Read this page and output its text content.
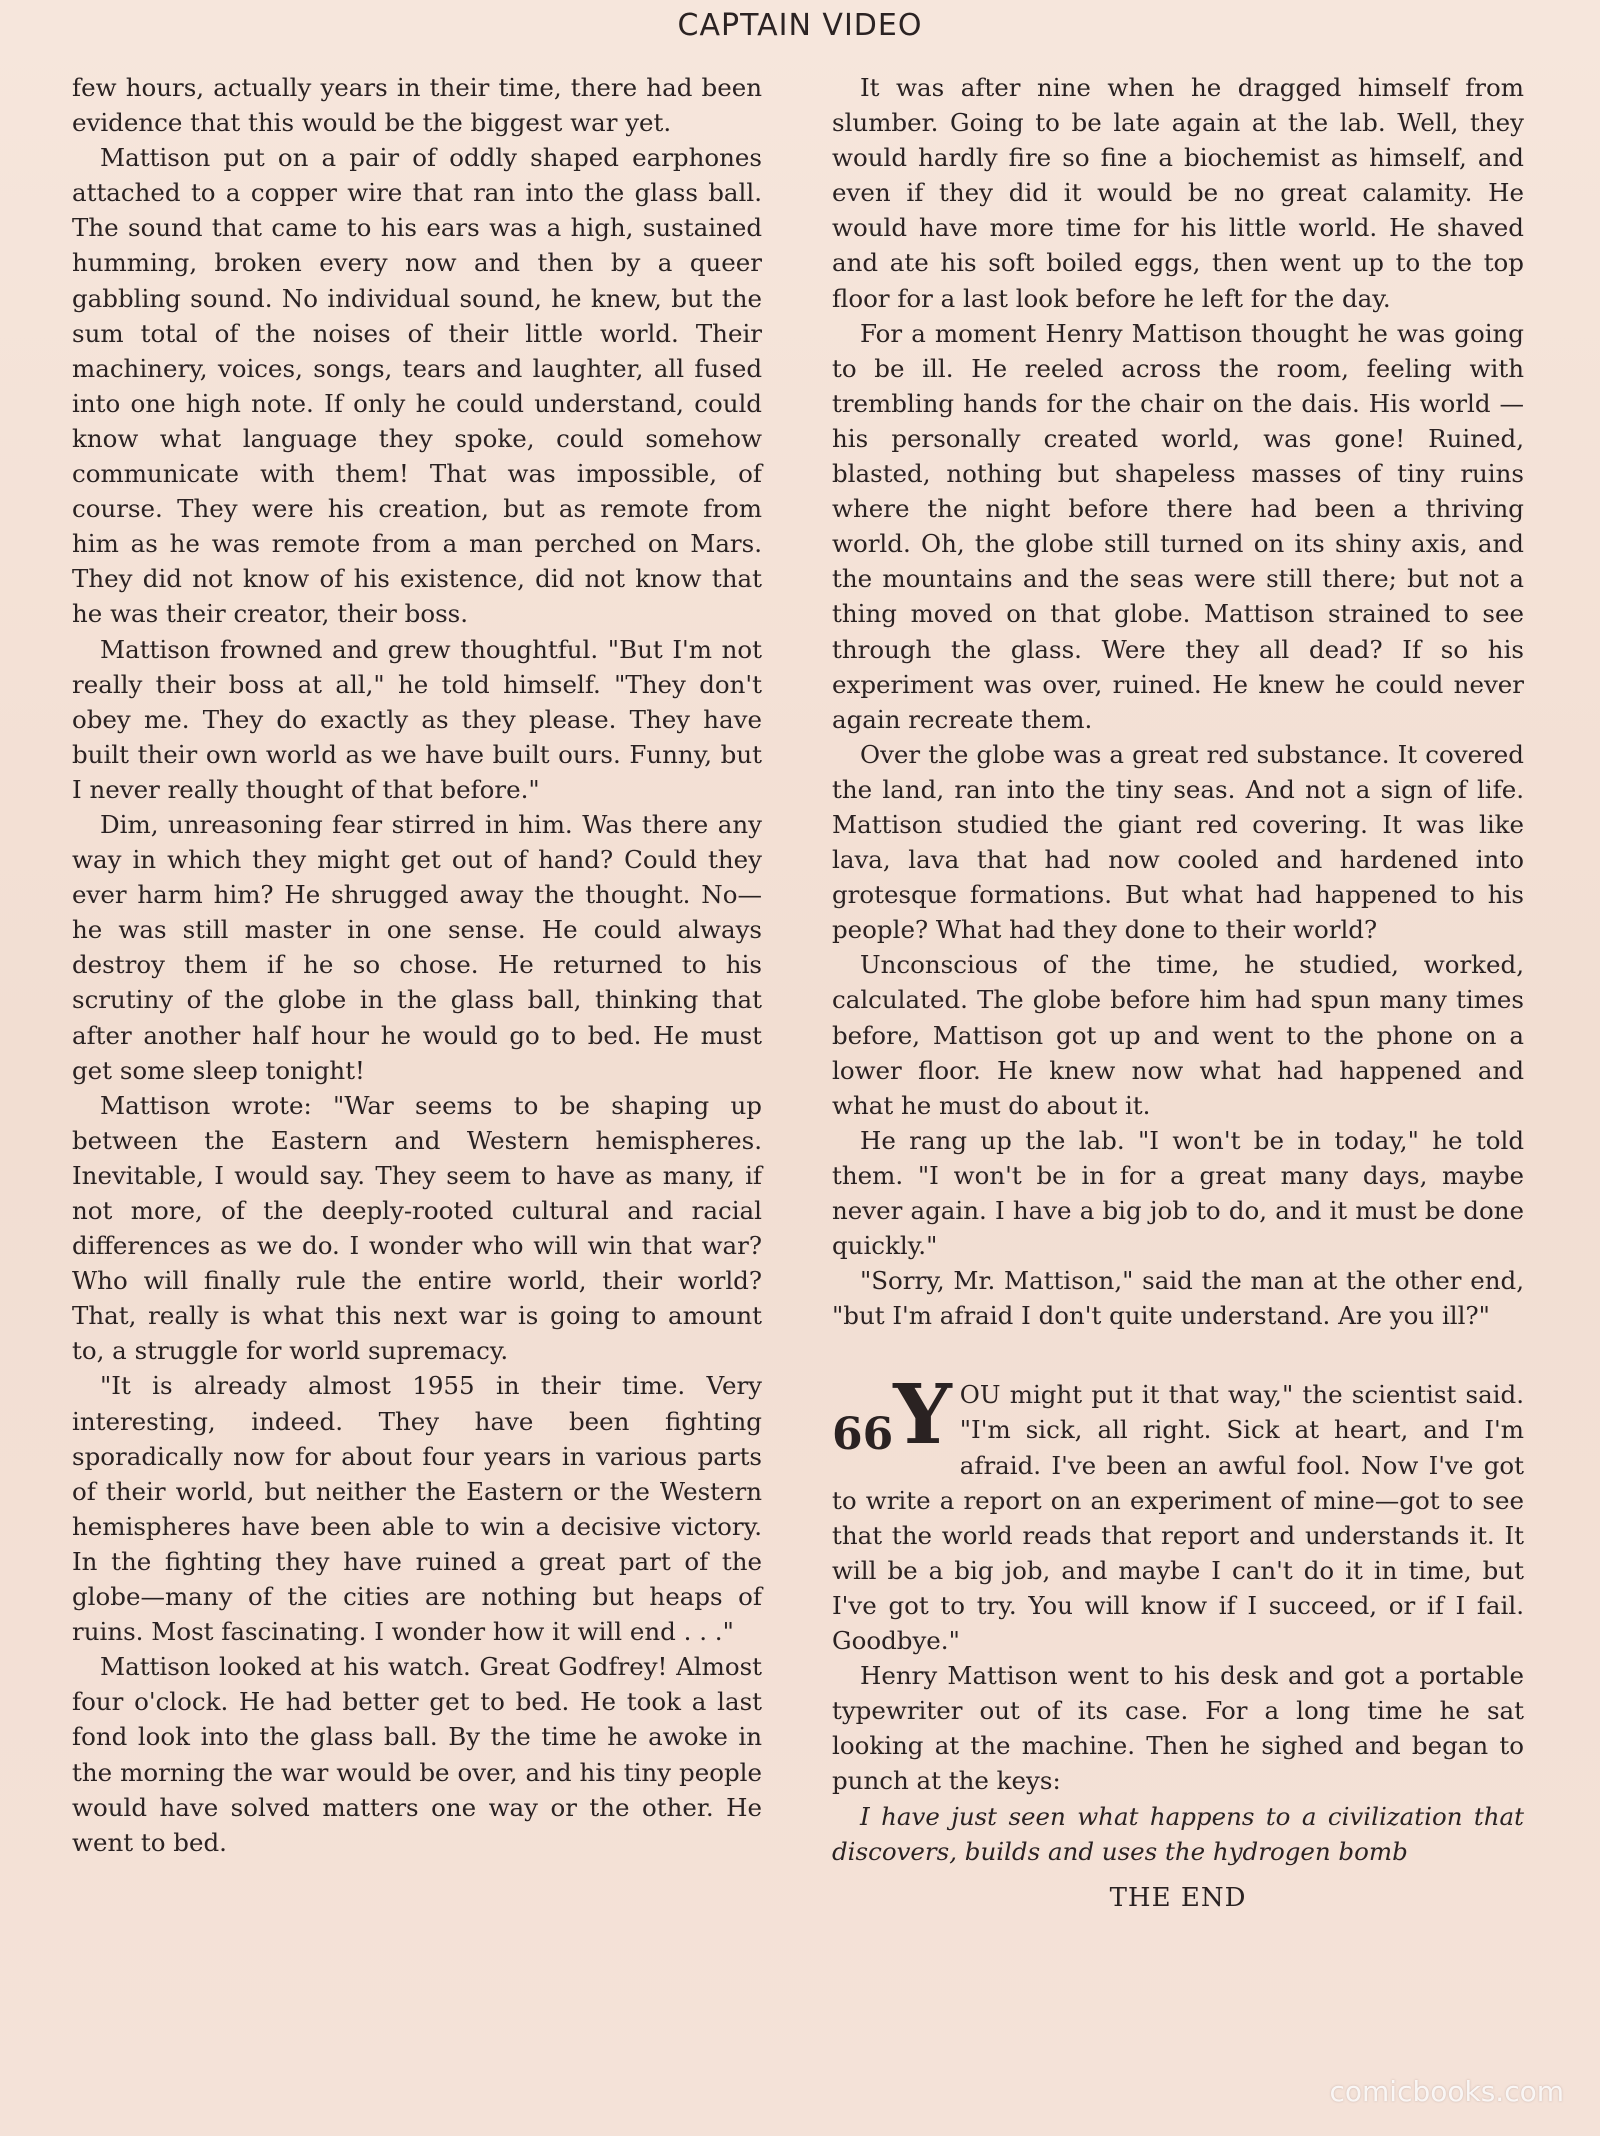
CAPTAIN VIDEO

few hours, actually years in their time, there had been evidence that this would be the biggest war yet.

Mattison put on a pair of oddly shaped earphones attached to a copper wire that ran into the glass ball. The sound that came to his ears was a high, sustained humming, broken every now and then by a queer gabbling sound. No individual sound, he knew, but the sum total of the noises of their little world. Their machinery, voices, songs, tears and laughter, all fused into one high note. If only he could understand, could know what language they spoke, could somehow communicate with them! That was impossible, of course. They were his creation, but as remote from him as he was remote from a man perched on Mars. They did not know of his existence, did not know that he was their creator, their boss.

Mattison frowned and grew thoughtful. "But I'm not really their boss at all," he told himself. "They don't obey me. They do exactly as they please. They have built their own world as we have built ours. Funny, but I never really thought of that before."

Dim, unreasoning fear stirred in him. Was there any way in which they might get out of hand? Could they ever harm him? He shrugged away the thought. No—he was still master in one sense. He could always destroy them if he so chose. He returned to his scrutiny of the globe in the glass ball, thinking that after another half hour he would go to bed. He must get some sleep tonight!

Mattison wrote: "War seems to be shaping up between the Eastern and Western hemispheres. Inevitable, I would say. They seem to have as many, if not more, of the deeply-rooted cultural and racial differences as we do. I wonder who will win that war? Who will finally rule the entire world, their world? That, really is what this next war is going to amount to, a struggle for world supremacy.

"It is already almost 1955 in their time. Very interesting, indeed. They have been fighting sporadically now for about four years in various parts of their world, but neither the Eastern or the Western hemispheres have been able to win a decisive victory. In the fighting they have ruined a great part of the globe—many of the cities are nothing but heaps of ruins. Most fascinating. I wonder how it will end . . ."

Mattison looked at his watch. Great Godfrey! Almost four o'clock. He had better get to bed. He took a last fond look into the glass ball. By the time he awoke in the morning the war would be over, and his tiny people would have solved matters one way or the other. He went to bed.

It was after nine when he dragged himself from slumber. Going to be late again at the lab. Well, they would hardly fire so fine a biochemist as himself, and even if they did it would be no great calamity. He would have more time for his little world. He shaved and ate his soft boiled eggs, then went up to the top floor for a last look before he left for the day.

For a moment Henry Mattison thought he was going to be ill. He reeled across the room, feeling with trembling hands for the chair on the dais. His world — his personally created world, was gone! Ruined, blasted, nothing but shapeless masses of tiny ruins where the night before there had been a thriving world. Oh, the globe still turned on its shiny axis, and the mountains and the seas were still there; but not a thing moved on that globe. Mattison strained to see through the glass. Were they all dead? If so his experiment was over, ruined. He knew he could never again recreate them.

Over the globe was a great red substance. It covered the land, ran into the tiny seas. And not a sign of life. Mattison studied the giant red covering. It was like lava, lava that had now cooled and hardened into grotesque formations. But what had happened to his people? What had they done to their world?

Unconscious of the time, he studied, worked, calculated. The globe before him had spun many times before, Mattison got up and went to the phone on a lower floor. He knew now what had happened and what he must do about it.

He rang up the lab. "I won't be in today," he told them. "I won't be in for a great many days, maybe never again. I have a big job to do, and it must be done quickly."

"Sorry, Mr. Mattison," said the man at the other end, "but I'm afraid I don't quite understand. Are you ill?"

66Y OU might put it that way," the scientist said. "I'm sick, all right. Sick at heart, and I'm afraid. I've been an awful fool. Now I've got to write a report on an experiment of mine—got to see that the world reads that report and understands it. It will be a big job, and maybe I can't do it in time, but I've got to try. You will know if I succeed, or if I fail. Goodbye."

Henry Mattison went to his desk and got a portable typewriter out of its case. For a long time he sat looking at the machine. Then he sighed and began to punch at the keys:

I have just seen what happens to a civilization that discovers, builds and uses the hydrogen bomb

THE END
comicbooks.com
